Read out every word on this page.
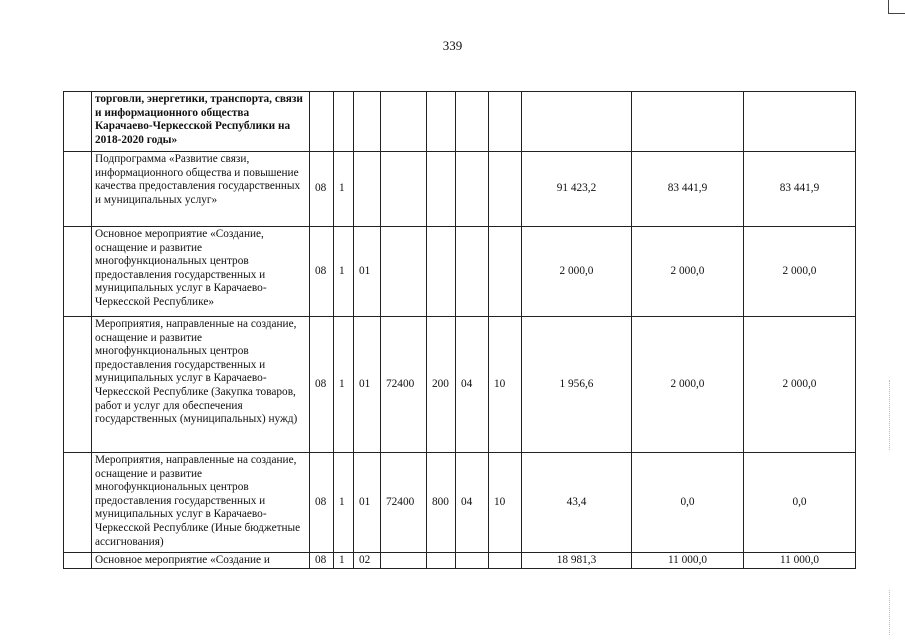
339
	торговли, энергетики, транспорта, связи и информационного общества Карачаево-Черкесской Республики на 2018-2020 годы»										
	Подпрограмма «Развитие связи, информационного общества и повышение качества предоставления государственных и муниципальных услуг»	08	1						91 423,2	83 441,9	83 441,9
	Основное мероприятие «Создание, оснащение и развитие многофункциональных центров предоставления государственных и муниципальных услуг в Карачаево-Черкесской Республике»	08	1	01					2 000,0	2 000,0	2 000,0
	Мероприятия, направленные на создание, оснащение и развитие многофункциональных центров предоставления государственных и муниципальных услуг в Карачаево-Черкесской Республике (Закупка товаров, работ и услуг для обеспечения государственных (муниципальных) нужд)	08	1	01	72400	200	04	10	1 956,6	2 000,0	2 000,0
	Мероприятия, направленные на создание, оснащение и развитие многофункциональных центров предоставления государственных и муниципальных услуг в Карачаево-Черкесской Республике (Иные бюджетные ассигнования)	08	1	01	72400	800	04	10	43,4	0,0	0,0
	Основное мероприятие «Создание и	08	1	02					18 981,3	11 000,0	11 000,0
